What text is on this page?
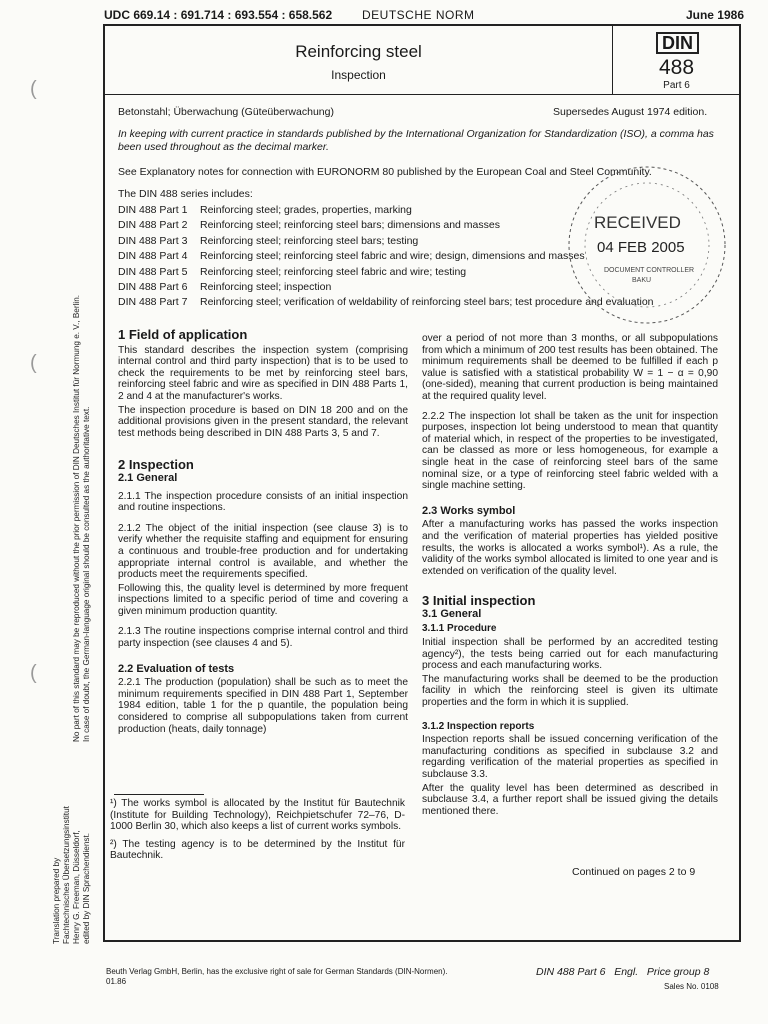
UDC 669.14 : 691.714 : 693.554 : 658.562 DEUTSCHE NORM	June 1986
Reinforcing steel
Inspection
DIN
488
Part 6
Betonstahl; Überwachung (Güteüberwachung)	Supersedes August 1974 edition.
In keeping with current practice in standards published by the International Organization for Standardization (ISO), a comma has been used throughout as the decimal marker.
See Explanatory notes for connection with EURONORM 80 published by the European Coal and Steel Community.
The DIN 488 series includes:
DIN 488 Part 1 Reinforcing steel; grades, properties, marking
DIN 488 Part 2 Reinforcing steel; reinforcing steel bars; dimensions and masses
DIN 488 Part 3 Reinforcing steel; reinforcing steel bars; testing
DIN 488 Part 4 Reinforcing steel; reinforcing steel fabric and wire; design, dimensions and masses
DIN 488 Part 5 Reinforcing steel; reinforcing steel fabric and wire; testing
DIN 488 Part 6 Reinforcing steel; inspection
DIN 488 Part 7 Reinforcing steel; verification of weldability of reinforcing steel bars; test procedure and evaluation
RECEIVED
04 FEB 2005
DOCUMENT CONTROLLER
BAKU
1 Field of application

This standard describes the inspection system (comprising internal control and third party inspection) that is to be used to check the requirements to be met by reinforcing steel bars, reinforcing steel fabric and wire as specified in DIN 488 Parts 1, 2 and 4 at the manufacturer's works.

The inspection procedure is based on DIN 18 200 and on the additional provisions given in the present standard, the relevant test methods being described in DIN 488 Parts 3, 5 and 7.

2 Inspection
2.1 General

2.1.1 The inspection procedure consists of an initial inspection and routine inspections.

2.1.2 The object of the initial inspection (see clause 3) is to verify whether the requisite staffing and equipment for ensuring a continuous and trouble-free production and for undertaking appropriate internal control is available, and whether the products meet the requirements specified.

Following this, the quality level is determined by more frequent inspections limited to a specific period of time and covering a given minimum production quantity.

2.1.3 The routine inspections comprise internal control and third party inspection (see clauses 4 and 5).

2.2 Evaluation of tests

2.2.1 The production (population) shall be such as to meet the minimum requirements specified in DIN 488 Part 1, September 1984 edition, table 1 for the p quantile, the population being considered to comprise all subpopulations taken from current production (heats, daily tonnage)

over a period of not more than 3 months, or all subpopulations from which a minimum of 200 test results has been obtained. The minimum requirements shall be deemed to be fulfilled if each p value is satisfied with a statistical probability W = 1 − α = 0,90 (one-sided), meaning that current production is being maintained at the required quality level.

2.2.2 The inspection lot shall be taken as the unit for inspection purposes, inspection lot being understood to mean that quantity of material which, in respect of the properties to be investigated, can be classed as more or less homogeneous, for example a single heat in the case of reinforcing steel bars of the same nominal size, or a type of reinforcing steel fabric welded with a single machine setting.

2.3 Works symbol

After a manufacturing works has passed the works inspection and the verification of material properties has yielded positive results, the works is allocated a works symbol¹). As a rule, the validity of the works symbol allocated is limited to one year and is extended on verification of the quality level.

3 Initial inspection
3.1 General
3.1.1 Procedure

Initial inspection shall be performed by an accredited testing agency²), the tests being carried out for each manufacturing process and each manufacturing works.

The manufacturing works shall be deemed to be the production facility in which the reinforcing steel is given its ultimate properties and the form in which it is supplied.

3.1.2 Inspection reports

Inspection reports shall be issued concerning verification of the manufacturing conditions as specified in subclause 3.2 and regarding verification of the material properties as specified in subclause 3.3.

After the quality level has been determined as described in subclause 3.4, a further report shall be issued giving the details mentioned there.

¹) The works symbol is allocated by the Institut für Bautechnik (Institute for Building Technology), Reichpietschufer 72–76, D-1000 Berlin 30, which also keeps a list of current works symbols.

²) The testing agency is to be determined by the Institut für Bautechnik.

Continued on pages 2 to 9
No part of this standard may be reproduced without the prior permission of DIN Deutsches Institut für Normung e. V., Berlin. In case of doubt, the German-language original should be consulted as the authoritative text.
Translation prepared by Fachtechnisches Übersetzungsinstitut Henry G. Freeman, Düsseldorf, edited by DIN Sprachendienst.
(
(
(
Beuth Verlag GmbH, Berlin, has the exclusive right of sale for German Standards (DIN-Normen).
01.86
DIN 488 Part 6   Engl.   Price group 8
Sales No. 0108
